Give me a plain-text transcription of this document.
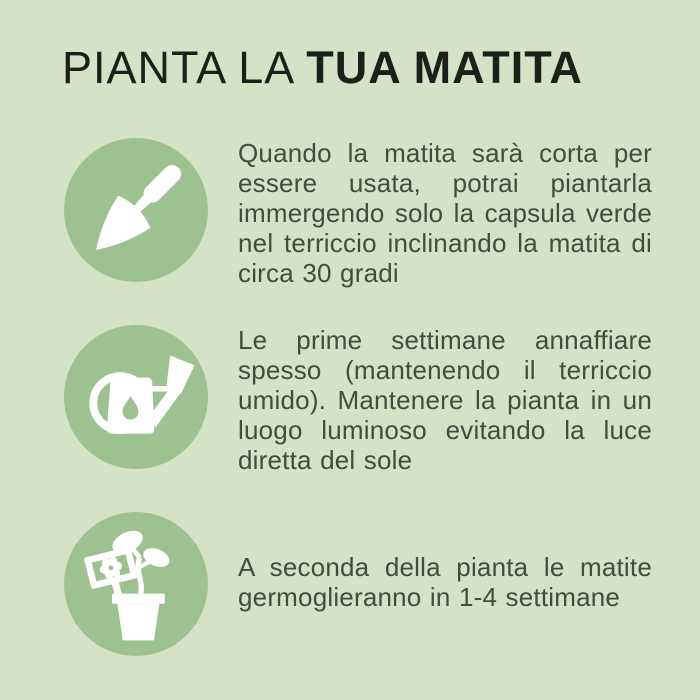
PIANTA LA TUA MATITA

Quando la matita sarà corta per essere usata, potrai piantarla immergendo solo la capsula verde nel terriccio inclinando la matita di circa 30 gradi

Le prime settimane annaffiare spesso (mantenendo il terriccio umido). Mantenere la pianta in un luogo luminoso evitando la luce diretta del sole

A seconda della pianta le matite germoglieranno in 1-4 settimane
